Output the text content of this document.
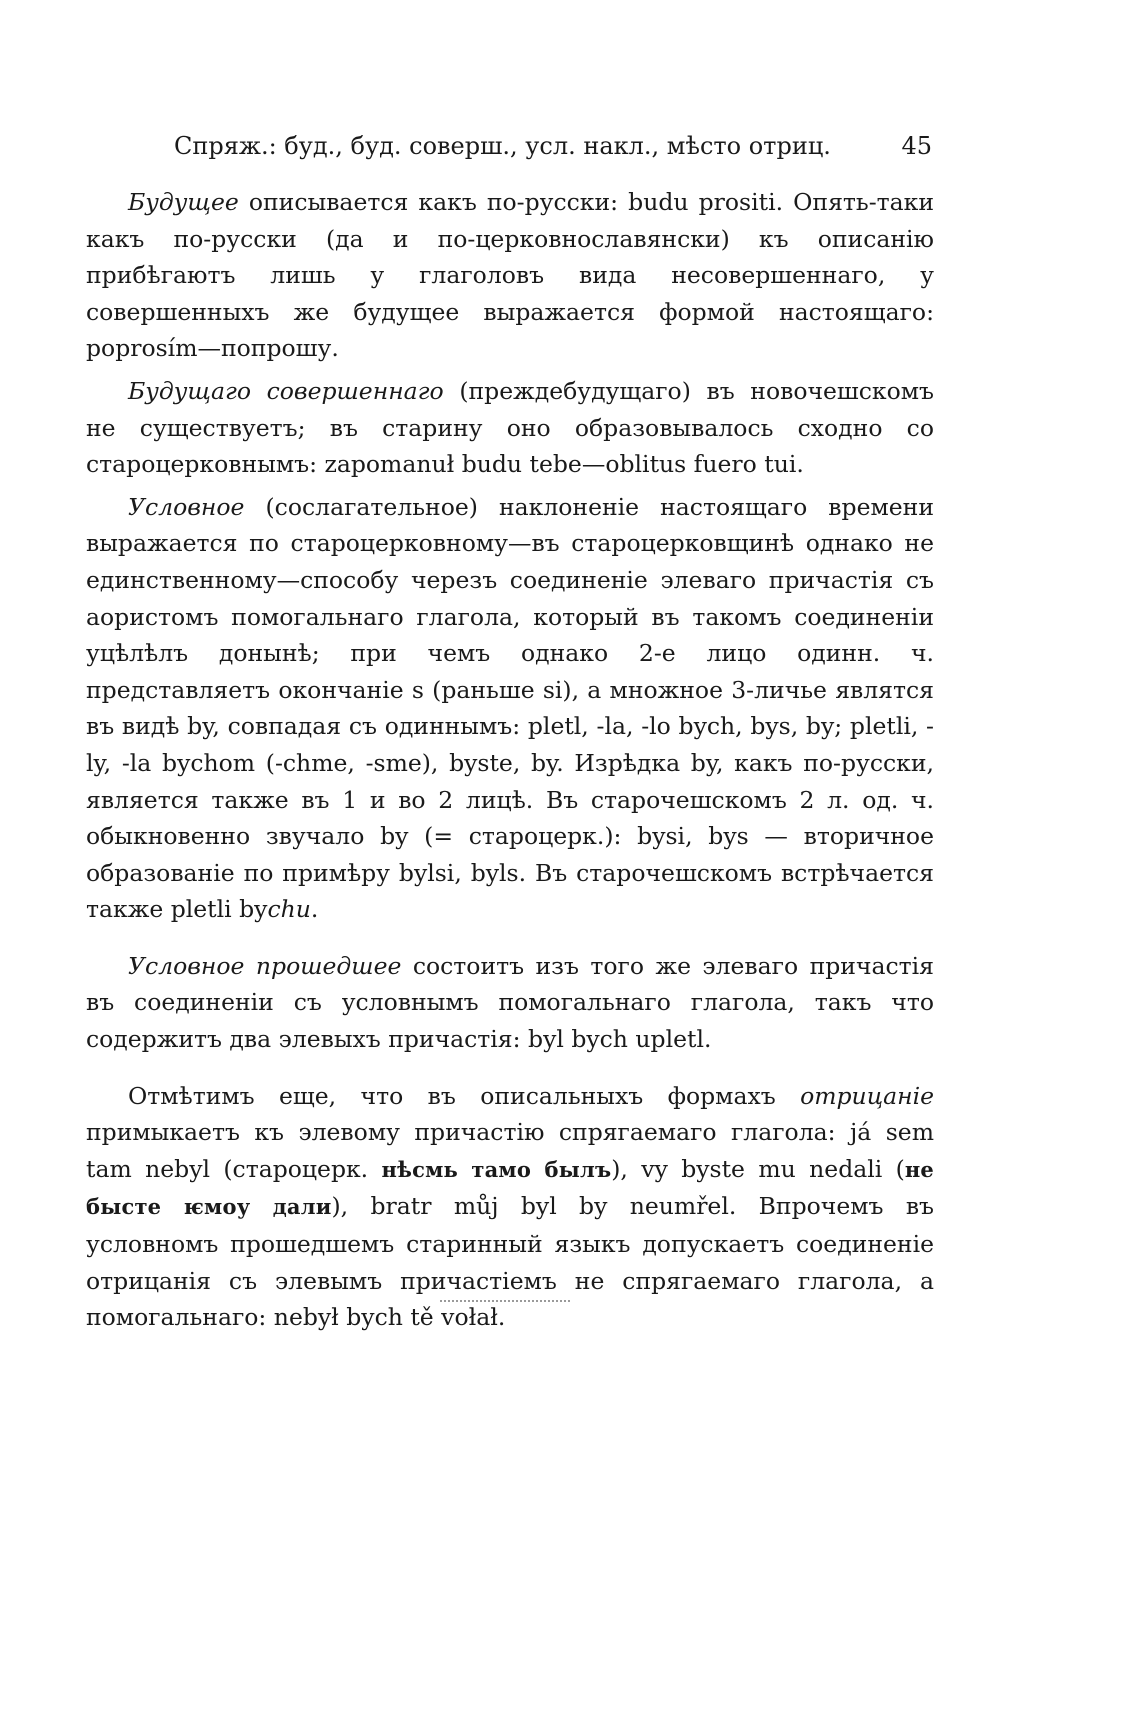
Спряж.: буд., буд. соверш., усл. накл., мѣсто отриц.	45

Будущее описывается какъ по-русски: budu prositi. Опять-таки какъ по-русски (да и по-церковнославянски) къ описанію прибѣгаютъ лишь у глаголовъ вида несовершеннаго, у совершенныхъ же будущее выражается формой настоящаго: poprosím—попрошу.

Будущаго совершеннаго (преждебудущаго) въ новочешскомъ не существуетъ; въ старину оно образовывалось сходно со староцерковнымъ: zapomanuł budu tebe—oblitus fuero tui.

Условное (сослагательное) наклоненіе настоящаго времени выражается по староцерковному—въ староцерковщинѣ однако не единственному—способу черезъ соединеніе элеваго причастія съ аористомъ помогальнаго глагола, который въ такомъ соединеніи уцѣлѣлъ донынѣ; при чемъ однако 2-е лицо одинн. ч. представляетъ окончаніе s (раньше si), а множное 3-личье являтся въ видѣ by, совпадая съ одиннымъ: pletl, -la, -lo bych, bys, by; pletli, -ly, -la bychom (-chme, -sme), byste, by. Изрѣдка by, какъ по-русски, является также въ 1 и во 2 лицѣ. Въ старочешскомъ 2 л. од. ч. обыкновенно звучало by (= староцерк.): bysi, bys — вторичное образованіе по примѣру bylsi, byls. Въ старочешскомъ встрѣчается также pletli bychu.

Условное прошедшее состоитъ изъ того же элеваго причастія въ соединеніи съ условнымъ помогальнаго глагола, такъ что содержитъ два элевыхъ причастія: byl bych upletl.

Отмѣтимъ еще, что въ описальныхъ формахъ отрицаніе примыкаетъ къ элевому причастію спрягаемаго глагола: já sem tam nebyl (староцерк. нѣсмь тамо былъ), vy byste mu nedali (не бысте ѥмоу дали), bratr můj byl by neumřel. Впрочемъ въ условномъ прошедшемъ старинный языкъ допускаетъ соединеніе отрицанія съ элевымъ причастіемъ не спрягаемаго глагола, а помогальнаго: nebył bych tě vołał.
